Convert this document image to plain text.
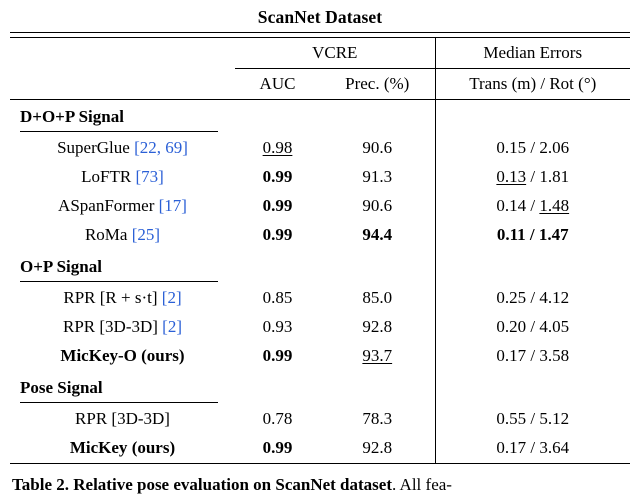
ScanNet Dataset

	VCRE		Median Errors
	AUC	Prec. (%)	Trans (m) / Rot (°)

D+O+P Signal			

SuperGlue [22, 69]	0.98	90.6	0.15 / 2.06
LoFTR [73]	0.99	91.3	0.13 / 1.81
ASpanFormer [17]	0.99	90.6	0.14 / 1.48
RoMa [25]	0.99	94.4	0.11 / 1.47

O+P Signal			

RPR [R + s·t] [2]	0.85	85.0	0.25 / 4.12
RPR [3D-3D] [2]	0.93	92.8	0.20 / 4.05
MicKey-O (ours)	0.99	93.7	0.17 / 3.58

Pose Signal			

RPR [3D-3D]	0.78	78.3	0.55 / 5.12
MicKey (ours)	0.99	92.8	0.17 / 3.64

Table 2. Relative pose evaluation on ScanNet dataset. All fea-
